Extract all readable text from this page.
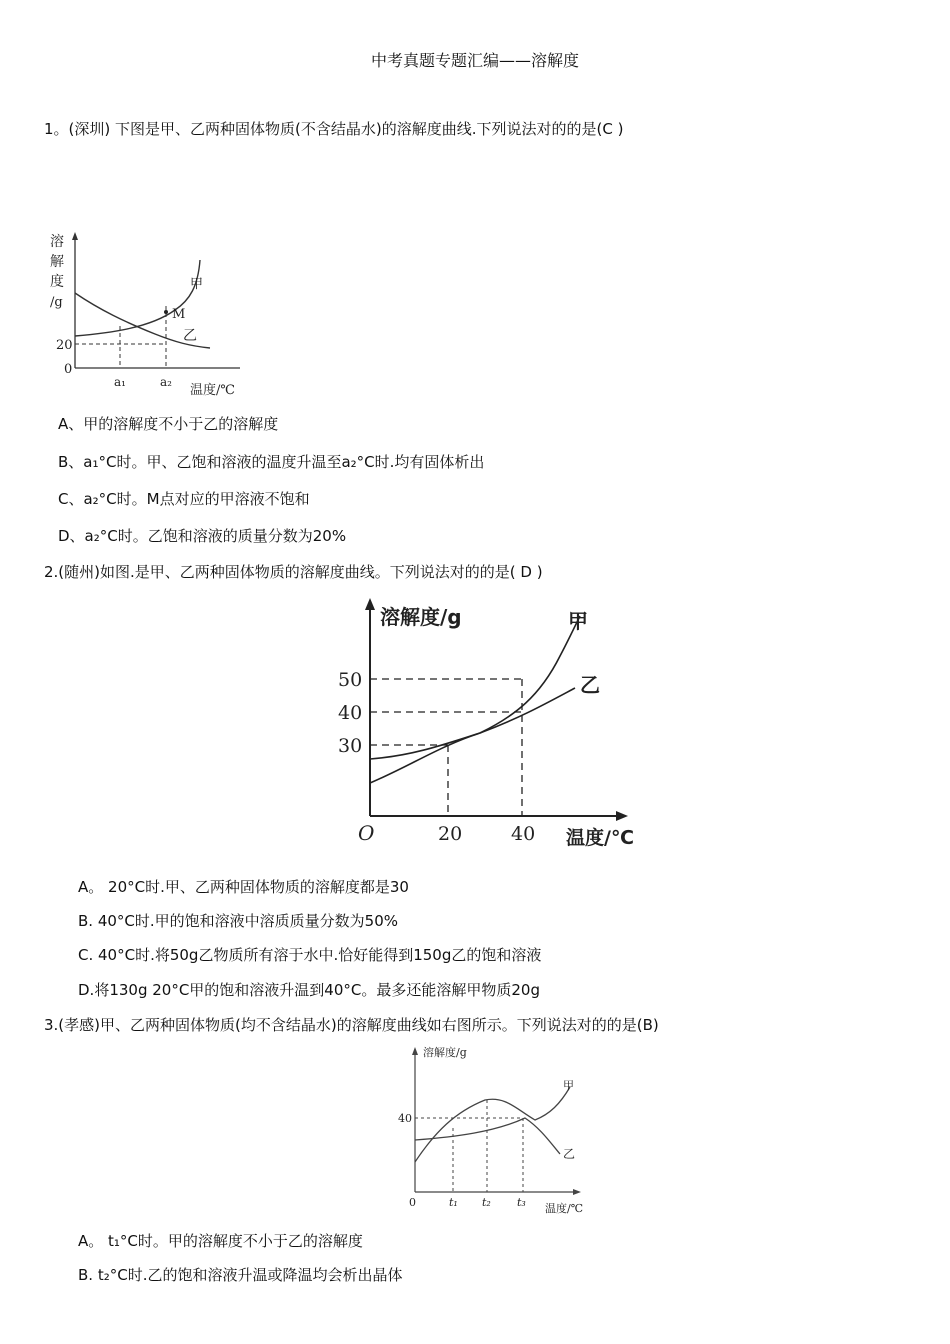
中考真题专题汇编——溶解度
1。(深圳) 下图是甲、乙两种固体物质(不含结晶水)的溶解度曲线.下列说法对的的是(C )
溶
解
度
/g
20
0
M
甲
乙
a₁	a₂
温度/℃
A、甲的溶解度不小于乙的溶解度
B、a₁°C时。甲、乙饱和溶液的温度升温至a₂°C时.均有固体析出
C、a₂°C时。M点对应的甲溶液不饱和
D、a₂°C时。乙饱和溶液的质量分数为20%
2.(随州)如图.是甲、乙两种固体物质的溶解度曲线。下列说法对的的是( D )
溶解度/g
50
40
30
O	20	40 温度/℃
甲
乙
A。 20°C时.甲、乙两种固体物质的溶解度都是30
B. 40°C时.甲的饱和溶液中溶质质量分数为50%
C. 40°C时.将50g乙物质所有溶于水中.恰好能得到150g乙的饱和溶液
D.将130g 20°C甲的饱和溶液升温到40°C。最多还能溶解甲物质20g
3.(孝感)甲、乙两种固体物质(均不含结晶水)的溶解度曲线如右图所示。下列说法对的的是(B)
溶解度/g
40
0	t₁ t₂ t₃ 温度/℃
甲
乙
A。 t₁°C时。甲的溶解度不小于乙的溶解度
B. t₂°C时.乙的饱和溶液升温或降温均会析出晶体
